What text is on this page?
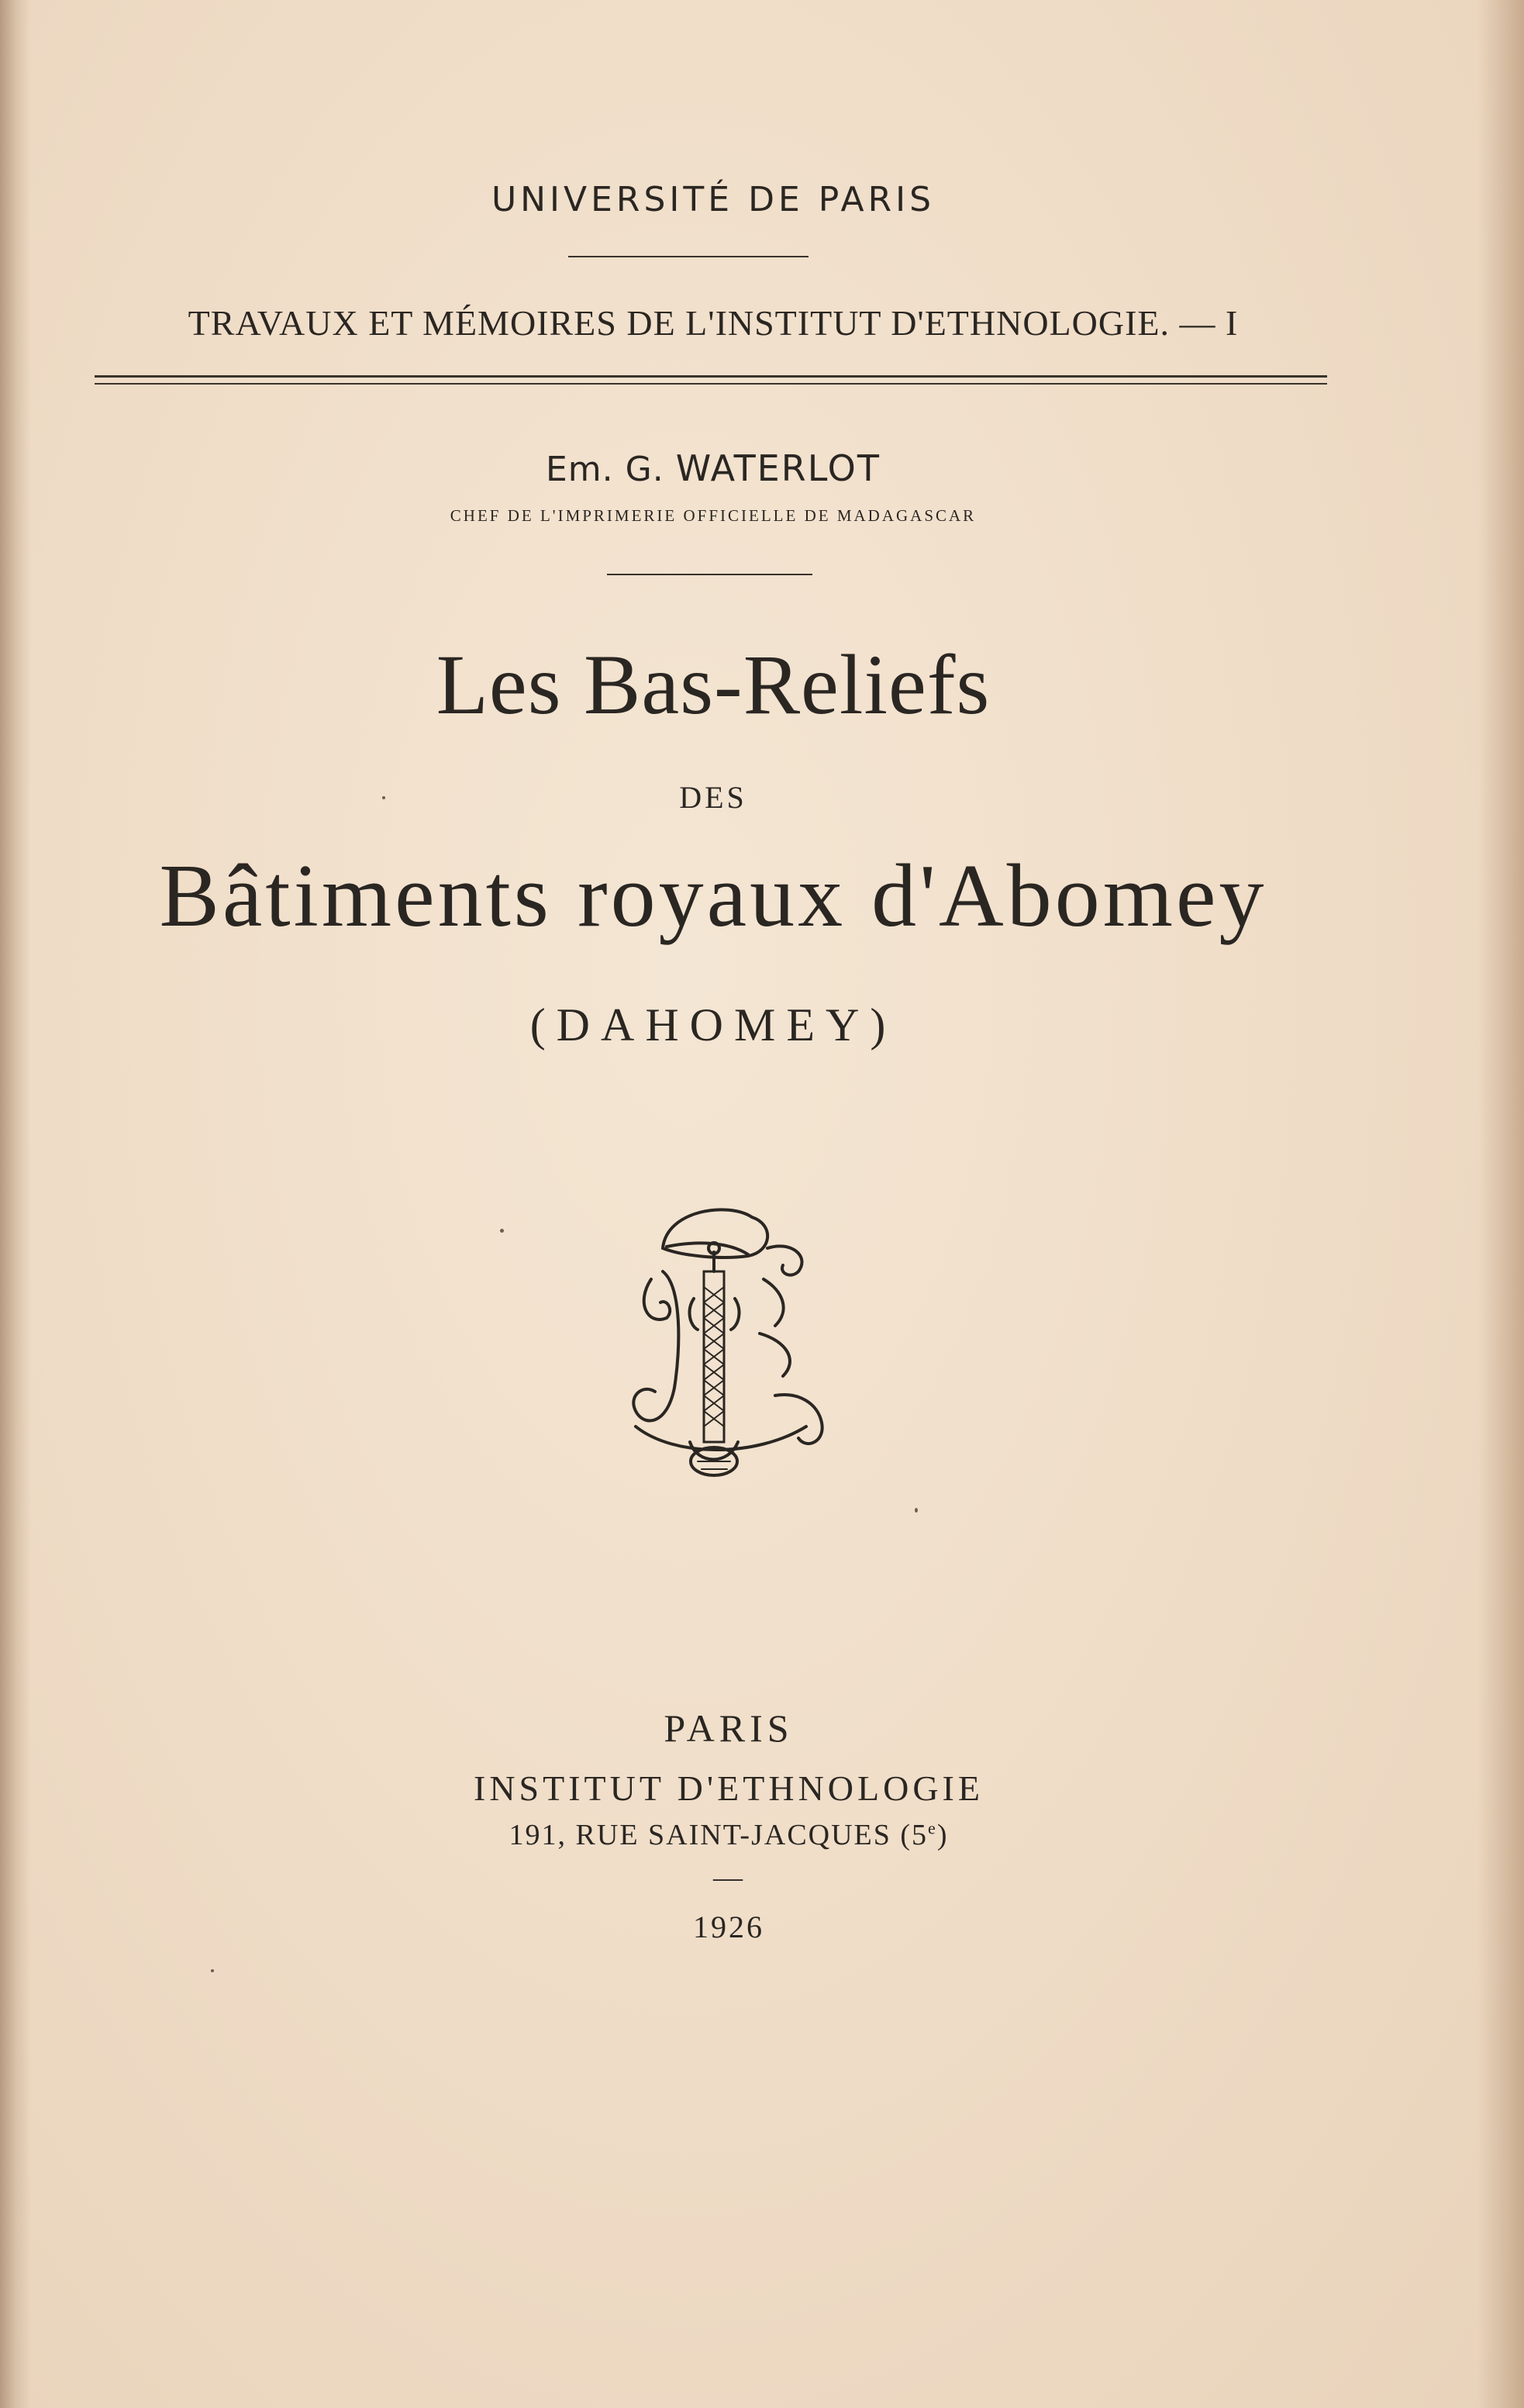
UNIVERSITÉ DE PARIS
TRAVAUX ET MÉMOIRES DE L'INSTITUT D'ETHNOLOGIE. — I
Em. G. WATERLOT
CHEF DE L'IMPRIMERIE OFFICIELLE DE MADAGASCAR
Les Bas-Reliefs
DES
Bâtiments royaux d'Abomey
(DAHOMEY)
PARIS
INSTITUT D'ETHNOLOGIE
191, RUE SAINT-JACQUES (5e)
—
1926
